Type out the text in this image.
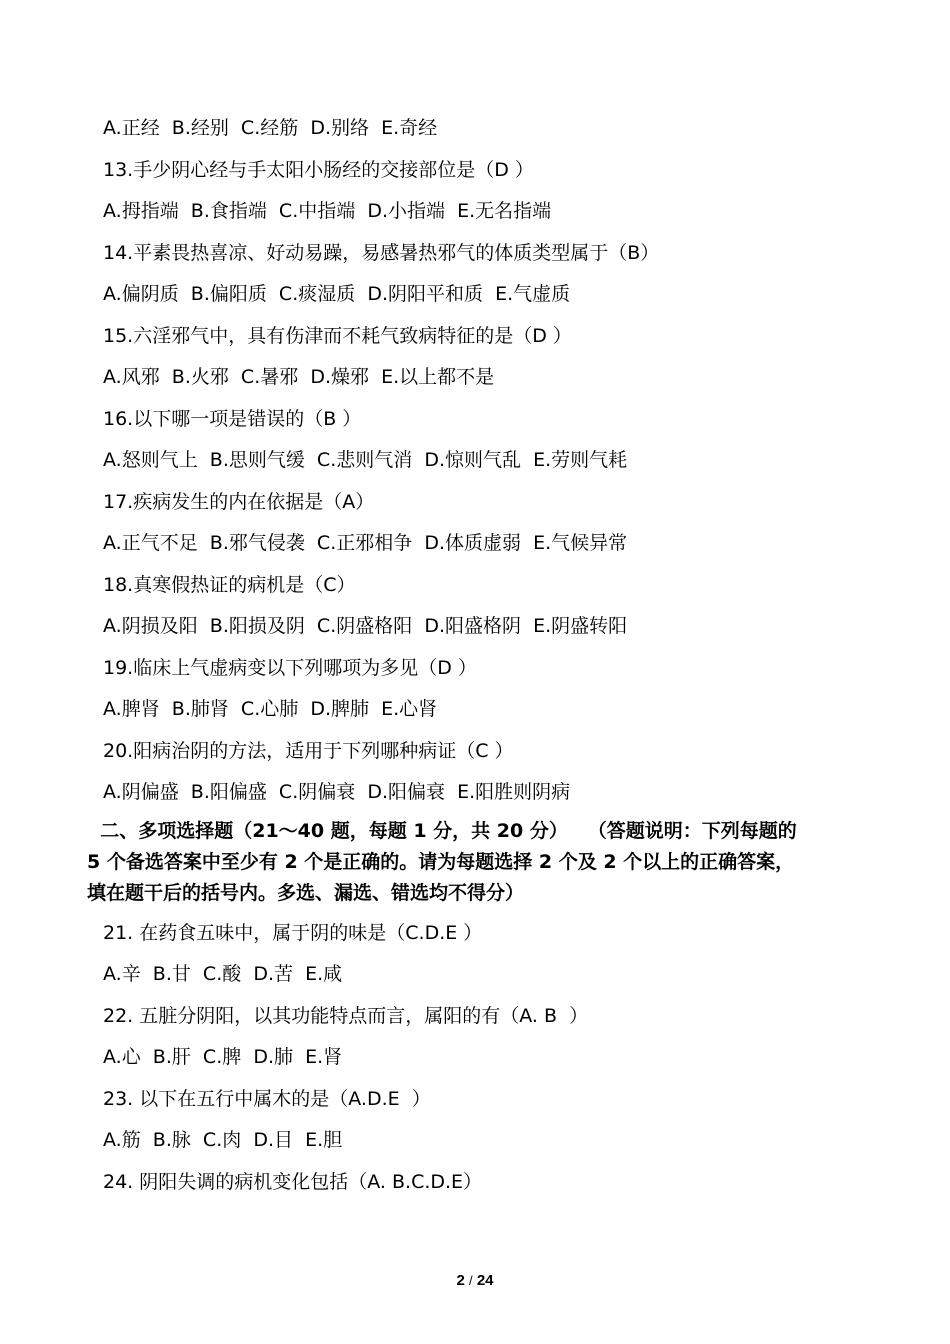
A.正经  B.经别  C.经筋  D.别络  E.奇经
13.手少阴心经与手太阳小肠经的交接部位是（D ）
A.拇指端  B.食指端  C.中指端  D.小指端  E.无名指端
14.平素畏热喜凉、好动易躁，易感暑热邪气的体质类型属于（B）
A.偏阴质  B.偏阳质  C.痰湿质  D.阴阳平和质  E.气虚质
15.六淫邪气中，具有伤津而不耗气致病特征的是（D ）
A.风邪  B.火邪  C.暑邪  D.燥邪  E.以上都不是
16.以下哪一项是错误的（B ）
A.怒则气上  B.思则气缓  C.悲则气消  D.惊则气乱  E.劳则气耗
17.疾病发生的内在依据是（A）
A.正气不足  B.邪气侵袭  C.正邪相争  D.体质虚弱  E.气候异常
18.真寒假热证的病机是（C）
A.阴损及阳  B.阳损及阴  C.阴盛格阳  D.阳盛格阴  E.阴盛转阳
19.临床上气虚病变以下列哪项为多见（D ）
A.脾肾  B.肺肾  C.心肺  D.脾肺  E.心肾
20.阳病治阴的方法，适用于下列哪种病证（C ）
A.阴偏盛  B.阳偏盛  C.阴偏衰  D.阳偏衰  E.阳胜则阴病
二、多项选择题（21～40 题，每题 1 分，共 20 分）   （答题说明：下列每题的
5 个备选答案中至少有 2 个是正确的。请为每题选择 2 个及 2 个以上的正确答案，
填在题干后的括号内。多选、漏选、错选均不得分）
21. 在药食五味中，属于阴的味是（C.D.E ）
A.辛  B.甘  C.酸  D.苦  E.咸
22. 五脏分阴阳，以其功能特点而言，属阳的有（A. B  ）
A.心  B.肝  C.脾  D.肺  E.肾
23. 以下在五行中属木的是（A.D.E  ）
A.筋  B.脉  C.肉  D.目  E.胆
24. 阴阳失调的病机变化包括（A. B.C.D.E）
2 / 24
